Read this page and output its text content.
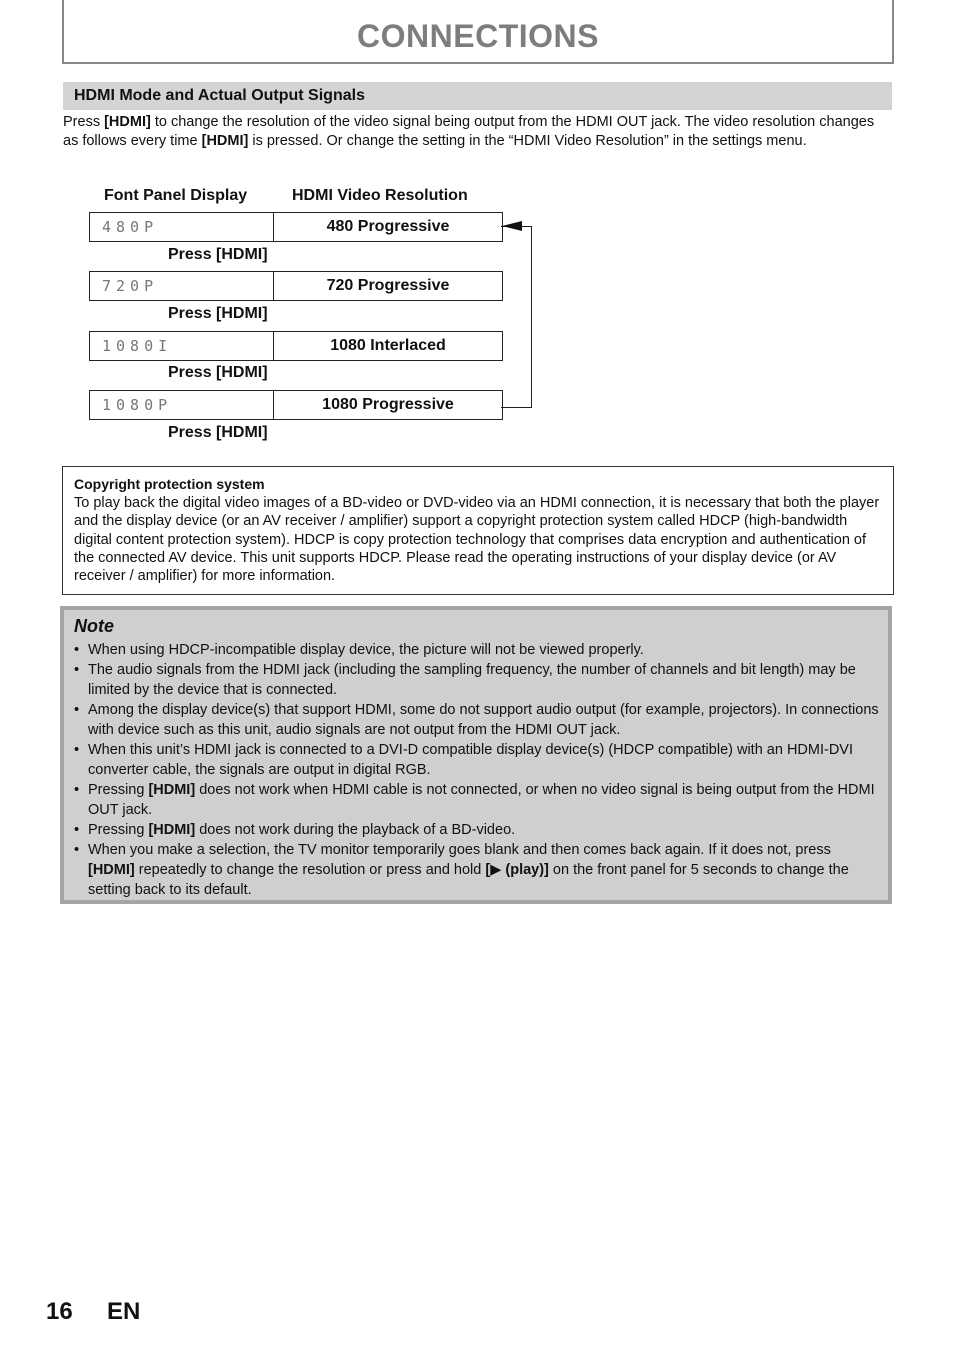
CONNECTIONS
HDMI Mode and Actual Output Signals
Press [HDMI] to change the resolution of the video signal being output from the HDMI OUT jack. The video resolution changes as follows every time [HDMI] is pressed. Or change the setting in the “HDMI Video Resolution” in the settings menu.
Font Panel Display	HDMI Video Resolution
480P	480 Progressive
Press [HDMI]
720P	720 Progressive
Press [HDMI]
1080I	1080 Interlaced
Press [HDMI]
1080P	1080 Progressive
Press [HDMI]
Copyright protection system
To play back the digital video images of a BD-video or DVD-video via an HDMI connection, it is necessary that both the player and the display device (or an AV receiver / amplifier) support a copyright protection system called HDCP (high-bandwidth digital content protection system). HDCP is copy protection technology that comprises data encryption and authentication of the connected AV device. This unit supports HDCP. Please read the operating instructions of your display device (or AV receiver / amplifier) for more information.
Note
• When using HDCP-incompatible display device, the picture will not be viewed properly.
• The audio signals from the HDMI jack (including the sampling frequency, the number of channels and bit length) may be limited by the device that is connected.
• Among the display device(s) that support HDMI, some do not support audio output (for example, projectors). In connections with device such as this unit, audio signals are not output from the HDMI OUT jack.
• When this unit’s HDMI jack is connected to a DVI-D compatible display device(s) (HDCP compatible) with an HDMI-DVI converter cable, the signals are output in digital RGB.
• Pressing [HDMI] does not work when HDMI cable is not connected, or when no video signal is being output from the HDMI OUT jack.
• Pressing [HDMI] does not work during the playback of a BD-video.
• When you make a selection, the TV monitor temporarily goes blank and then comes back again. If it does not, press [HDMI] repeatedly to change the resolution or press and hold [▶ (play)] on the front panel for 5 seconds to change the setting back to its default.
16 EN
